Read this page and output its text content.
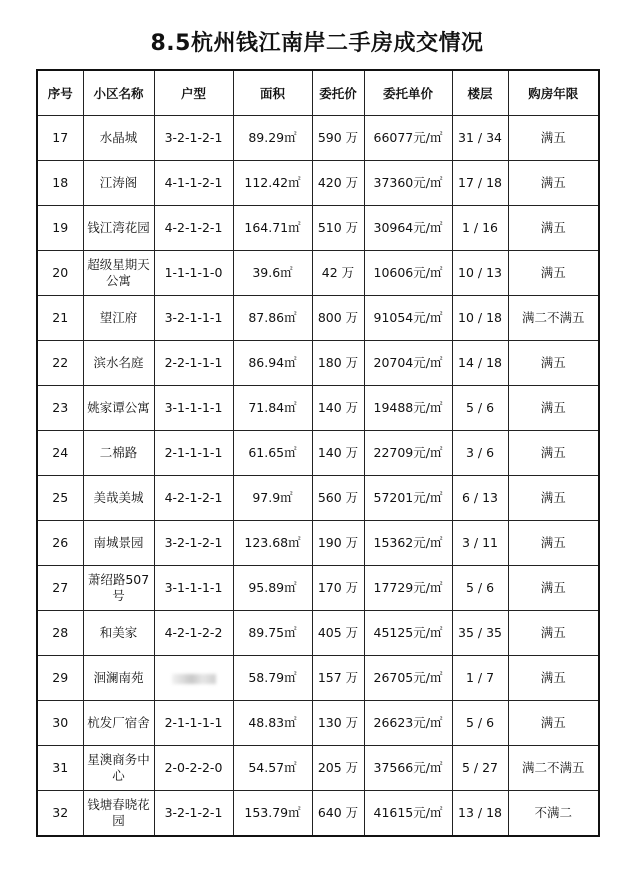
8.5杭州钱江南岸二手房成交情况
序号	小区名称	户型	面积	委托价	委托单价	楼层	购房年限
17	水晶城	3-2-1-2-1	89.29㎡	590 万	66077元/㎡	31 / 34	满五
18	江涛阁	4-1-1-2-1	112.42㎡	420 万	37360元/㎡	17 / 18	满五
19	钱江湾花园	4-2-1-2-1	164.71㎡	510 万	30964元/㎡	1 / 16	满五
20	超级星期天公寓	1-1-1-1-0	39.6㎡	42 万	10606元/㎡	10 / 13	满五
21	望江府	3-2-1-1-1	87.86㎡	800 万	91054元/㎡	10 / 18	满二不满五
22	滨水名庭	2-2-1-1-1	86.94㎡	180 万	20704元/㎡	14 / 18	满五
23	姚家谭公寓	3-1-1-1-1	71.84㎡	140 万	19488元/㎡	5 / 6	满五
24	二棉路	2-1-1-1-1	61.65㎡	140 万	22709元/㎡	3 / 6	满五
25	美哉美城	4-2-1-2-1	97.9㎡	560 万	57201元/㎡	6 / 13	满五
26	南城景园	3-2-1-2-1	123.68㎡	190 万	15362元/㎡	3 / 11	满五
27	萧绍路507号	3-1-1-1-1	95.89㎡	170 万	17729元/㎡	5 / 6	满五
28	和美家	4-2-1-2-2	89.75㎡	405 万	45125元/㎡	35 / 35	满五
29	洄澜南苑		58.79㎡	157 万	26705元/㎡	1 / 7	满五
30	杭发厂宿舍	2-1-1-1-1	48.83㎡	130 万	26623元/㎡	5 / 6	满五
31	星澳商务中心	2-0-2-2-0	54.57㎡	205 万	37566元/㎡	5 / 27	满二不满五
32	钱塘春晓花园	3-2-1-2-1	153.79㎡	640 万	41615元/㎡	13 / 18	不满二
